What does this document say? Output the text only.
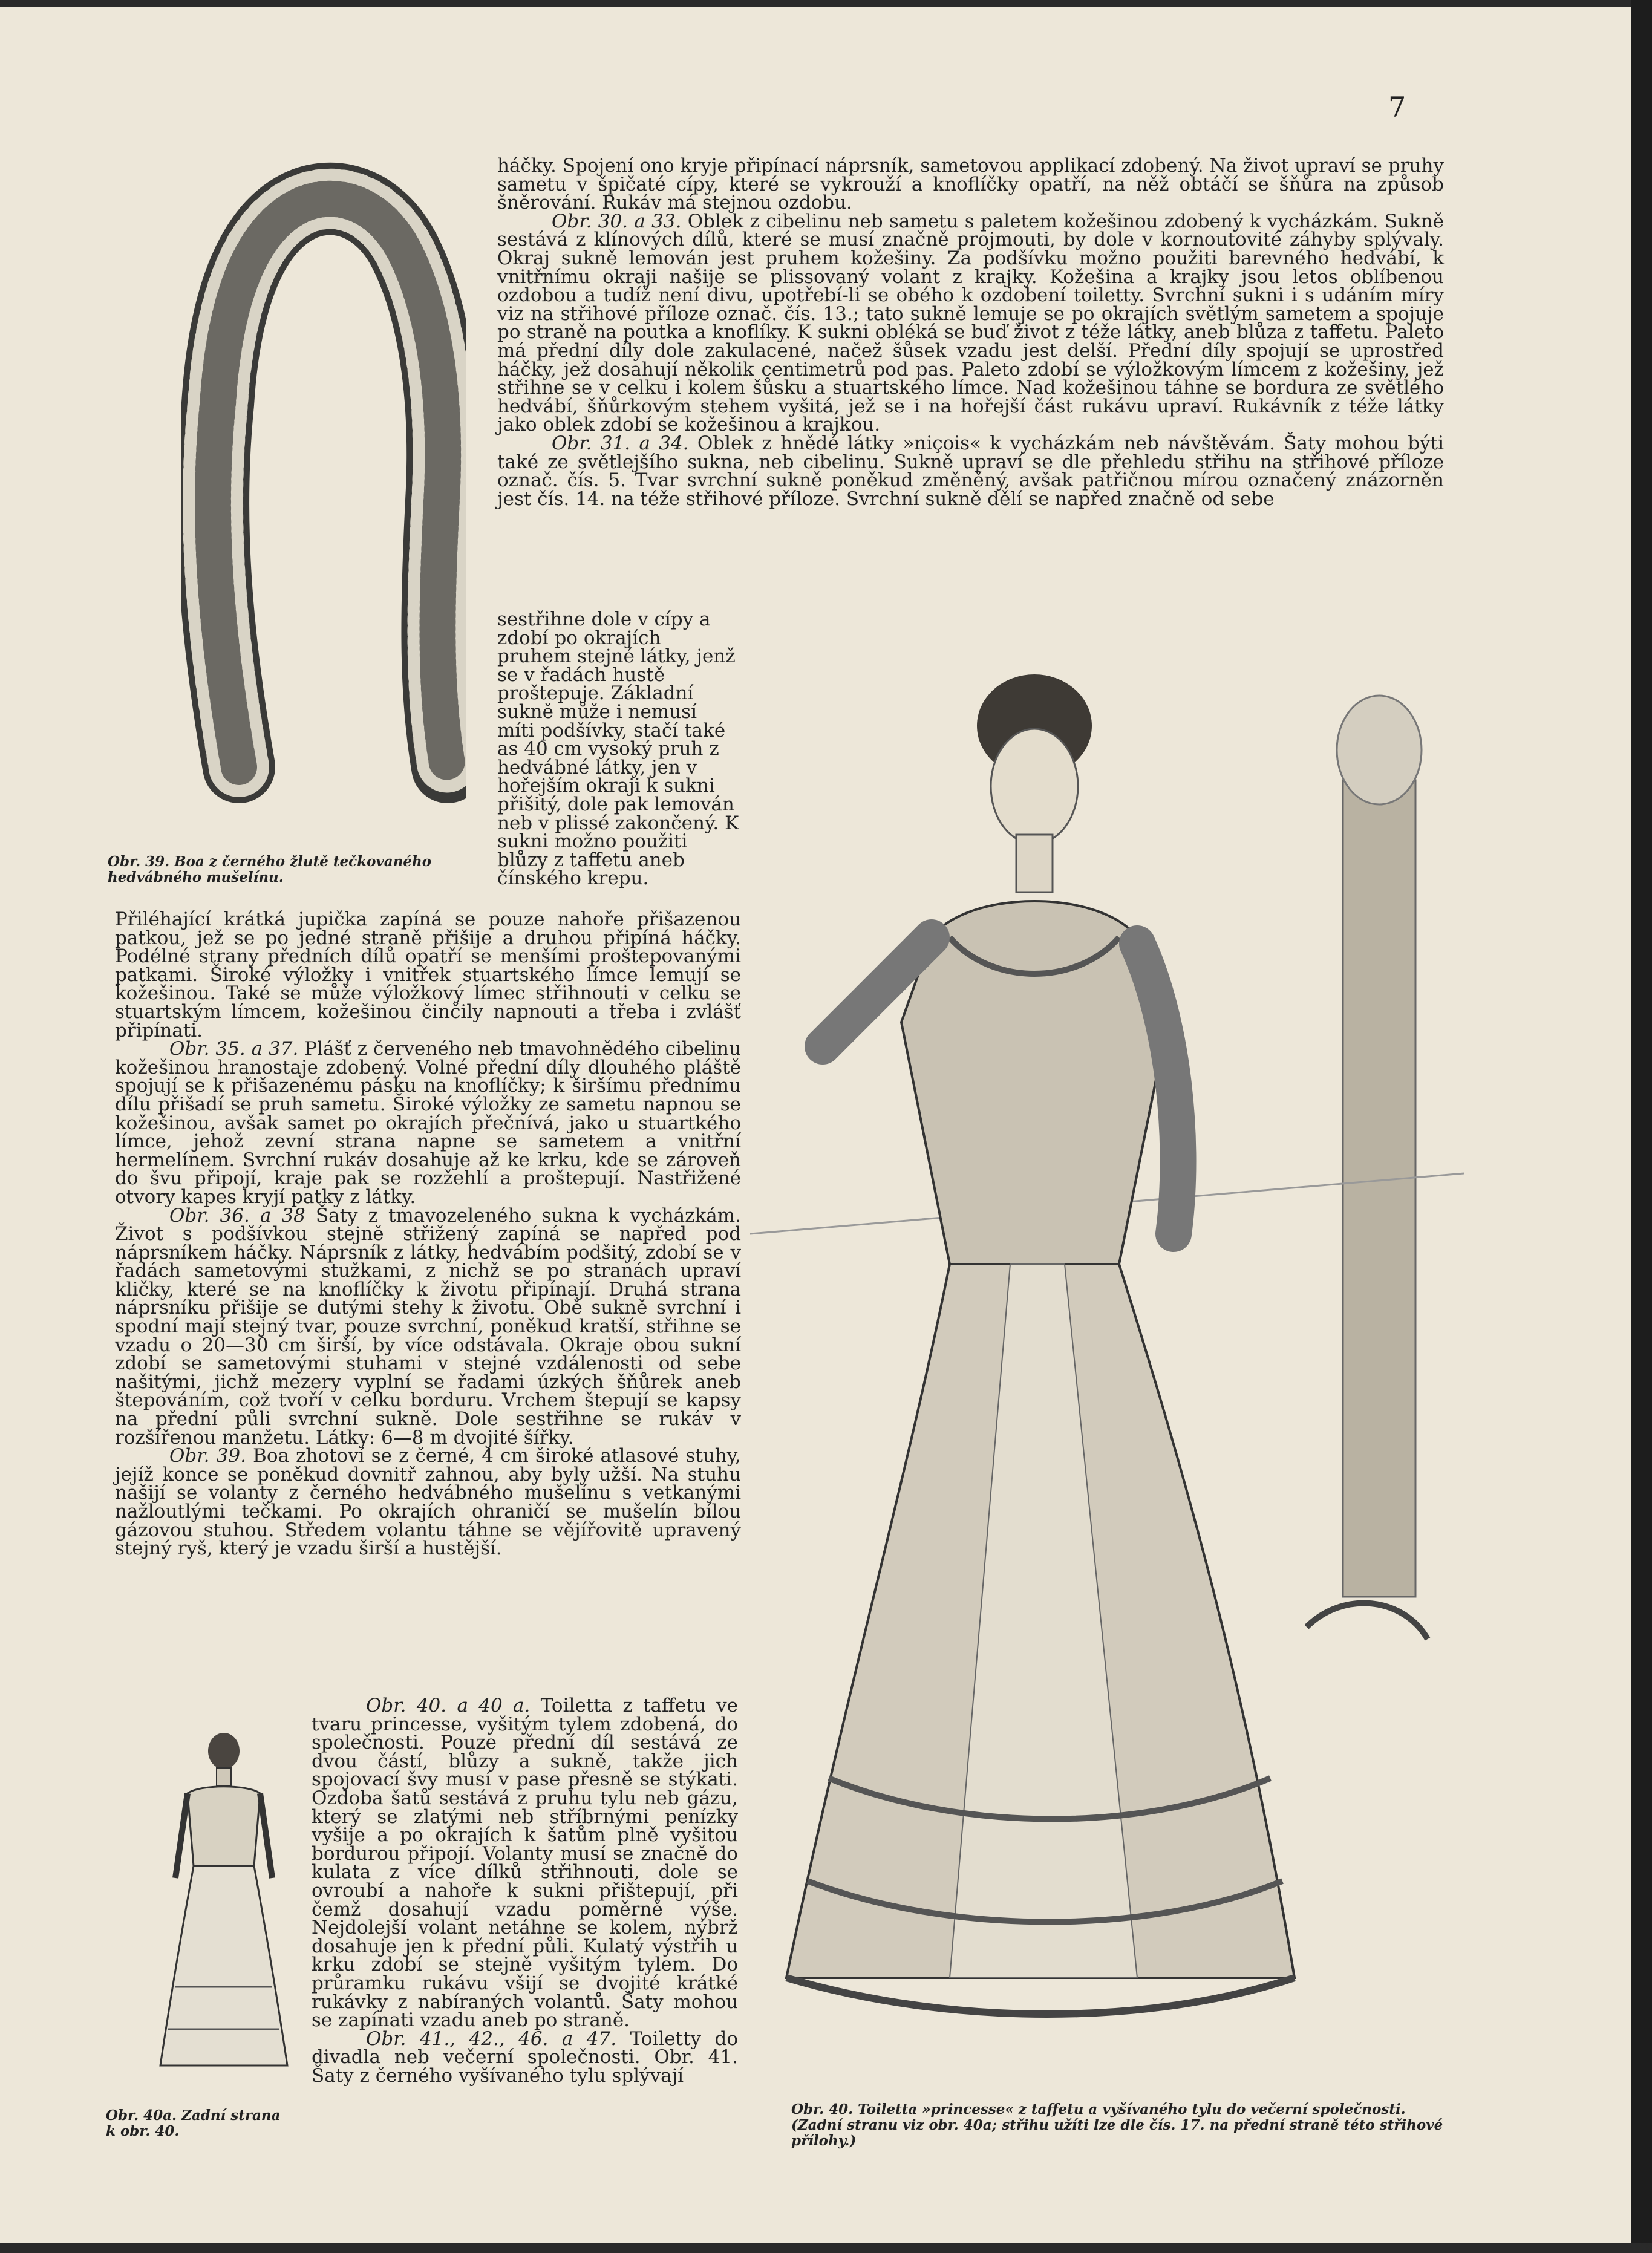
7
Obr. 39. Boa z černého žlutě tečkovaného hedvábného mušelínu.

háčky. Spojení ono kryje připínací náprsník, sametovou applikací zdobený. Na život upraví se pruhy sametu v špičaté cípy, které se vykrouží a knoflíčky opatří, na něž obtáčí se šňůra na způsob šněrování. Rukáv má stejnou ozdobu.

Obr. 30. a 33. Oblek z cibelinu neb sametu s paletem kožešinou zdobený k vycházkám. Sukně sestává z klínových dílů, které se musí značně projmouti, by dole v kornoutovité záhyby splývaly. Okraj sukně lemován jest pruhem kožešiny. Za podšívku možno použiti barevného hedvábí, k vnitřnímu okraji našije se plissovaný volant z krajky. Kožešina a krajky jsou letos oblíbenou ozdobou a tudíž není divu, upotřebí-li se obého k ozdobení toiletty. Svrchní sukni i s udáním míry viz na střihové příloze označ. čís. 13.; tato sukně lemuje se po okrajích světlým sametem a spojuje po straně na poutka a knoflíky. K sukni obléká se buď život z téže látky, aneb blůza z taffetu. Paleto má přední díly dole zakulacené, načež šůsek vzadu jest delší. Přední díly spojují se uprostřed háčky, jež dosahují několik centimetrů pod pas. Paleto zdobí se výložkovým límcem z kožešiny, jež střihne se v celku i kolem šůsku a stuartského límce. Nad kožešinou táhne se bordura ze světlého hedvábí, šňůrkovým stehem vyšitá, jež se i na hořejší část rukávu upraví. Rukávník z téže látky jako oblek zdobí se kožešinou a krajkou.

Obr. 31. a 34. Oblek z hnědé látky »niçois« k vycházkám neb návštěvám. Šaty mohou býti také ze světlejšího sukna, neb cibelinu. Sukně upraví se dle přehledu střihu na střihové příloze označ. čís. 5. Tvar svrchní sukně poněkud změněný, avšak patřičnou mírou označený znázorněn jest čís. 14. na téže střihové příloze. Svrchní sukně dělí se napřed značně od sebe

sestřihne dole v cípy a zdobí po okrajích pruhem stejné látky, jenž se v řadách hustě proštepuje. Základní sukně může i nemusí míti podšívky, stačí také as 40 cm vysoký pruh z hedvábné látky, jen v hořejším okraji k sukni přišitý, dole pak lemován neb v plissé zakončený. K sukni možno použiti blůzy z taffetu aneb čínského krepu.

Přiléhající krátká jupička zapíná se pouze nahoře přišazenou patkou, jež se po jedné straně přišije a druhou připíná háčky. Podélné strany předních dílů opatří se menšími proštepovanými patkami. Široké výložky i vnitřek stuartského límce lemují se kožešinou. Také se může výložkový límec střihnouti v celku se stuartským límcem, kožešinou činčily napnouti a třeba i zvlášť připínati.

Obr. 35. a 37. Plášť z červeného neb tmavohnědého cibelinu kožešinou hranostaje zdobený. Volné přední díly dlouhého pláště spojují se k přišazenému pásku na knoflíčky; k širšímu přednímu dílu přišadí se pruh sametu. Široké výložky ze sametu napnou se kožešinou, avšak samet po okrajích přečnívá, jako u stuartkého límce, jehož zevní strana napne se sametem a vnitřní hermelínem. Svrchní rukáv dosahuje až ke krku, kde se zároveň do švu připojí, kraje pak se rozžehlí a proštepují. Nastřižené otvory kapes kryjí patky z látky.

Obr. 36. a 38 Šaty z tmavozeleného sukna k vycházkám. Život s podšívkou stejně střižený zapíná se napřed pod náprsníkem háčky. Náprsník z látky, hedvábím podšitý, zdobí se v řadách sametovými stužkami, z nichž se po stranách upraví kličky, které se na knoflíčky k životu připínají. Druhá strana náprsníku přišije se dutými stehy k životu. Obě sukně svrchní i spodní mají stejný tvar, pouze svrchní, poněkud kratší, střihne se vzadu o 20—30 cm širší, by více odstávala. Okraje obou sukní zdobí se sametovými stuhami v stejné vzdálenosti od sebe našitými, jichž mezery vyplní se řadami úzkých šňůrek aneb štepováním, což tvoří v celku borduru. Vrchem štepují se kapsy na přední půli svrchní sukně. Dole sestřihne se rukáv v rozšířenou manžetu. Látky: 6—8 m dvojité šířky.

Obr. 39. Boa zhotoví se z černé, 4 cm široké atlasové stuhy, jejíž konce se poněkud dovnitř zahnou, aby byly užší. Na stuhu našijí se volanty z černého hedvábného mušelínu s vetkanými nažloutlými tečkami. Po okrajích ohraničí se mušelín bílou gázovou stuhou. Středem volantu táhne se vějířovitě upravený stejný ryš, který je vzadu širší a hustější.

Obr. 40a. Zadní strana k obr. 40.

Obr. 40. a 40 a. Toiletta z taffetu ve tvaru princesse, vyšitým tylem zdobená, do společnosti. Pouze přední díl sestává ze dvou částí, blůzy a sukně, takže jich spojovací švy musí v pase přesně se stýkati. Ozdoba šatů sestává z pruhu tylu neb gázu, který se zlatými neb stříbrnými penízky vyšije a po okrajích k šatům plně vyšitou bordurou připojí. Volanty musí se značně do kulata z více dílků střihnouti, dole se ovroubí a nahoře k sukni přištepují, při čemž dosahují vzadu poměrně výše. Nejdolejší volant netáhne se kolem, nýbrž dosahuje jen k přední půli. Kulatý výstřih u krku zdobí se stejně vyšitým tylem. Do průramku rukávu všijí se dvojité krátké rukávky z nabíraných volantů. Šaty mohou se zapínati vzadu aneb po straně.

Obr. 41., 42., 46. a 47. Toiletty do divadla neb večerní společnosti. Obr. 41. Šaty z černého vyšívaného tylu splývají

Obr. 40. Toiletta »princesse« z taffetu a vyšívaného tylu do večerní společnosti. (Zadní stranu viz obr. 40a; střihu užíti lze dle čís. 17. na přední straně této střihové přílohy.)
